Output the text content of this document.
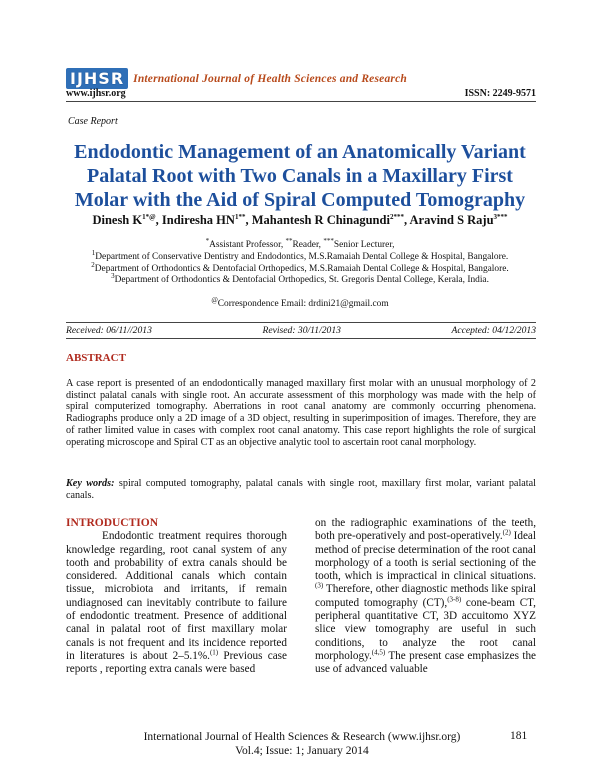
IJHSR International Journal of Health Sciences and Research
www.ijhsr.org	ISSN: 2249-9571
Case Report
Endodontic Management of an Anatomically Variant Palatal Root with Two Canals in a Maxillary First Molar with the Aid of Spiral Computed Tomography
Dinesh $K^{1*@}$, Indiresha $HN^{1**}$, Mahantesh R Chinagundi$^{2***}$, Aravind S Raju$^{3***}$
*Assistant Professor, **Reader, ***Senior Lecturer,
$^1$Department of Conservative Dentistry and Endodontics, M.S.Ramaiah Dental College & Hospital, Bangalore.
$^2$Department of Orthodontics & Dentofacial Orthopedics, M.S.Ramaiah Dental College & Hospital, Bangalore.
$^3$Department of Orthodontics & Dentofacial Orthopedics, St. Gregoris Dental College, Kerala, India.
@Correspondence Email: drdini21@gmail.com
Received: 06/11//2013	Revised: 30/11/2013	Accepted: 04/12/2013
ABSTRACT
A case report is presented of an endodontically managed maxillary first molar with an unusual morphology of 2 distinct palatal canals with single root. An accurate assessment of this morphology was made with the help of spiral computerized tomography. Aberrations in root canal anatomy are commonly occurring phenomena. Radiographs produce only a 2D image of a 3D object, resulting in superimposition of images. Therefore, they are of rather limited value in cases with complex root canal anatomy. This case report highlights the role of surgical operating microscope and Spiral CT as an objective analytic tool to ascertain root canal morphology.
Key words: spiral computed tomography, palatal canals with single root, maxillary first molar, variant palatal canals.
INTRODUCTION

Endodontic treatment requires thorough knowledge regarding, root canal system of any tooth and probability of extra canals should be considered. Additional canals which contain tissue, microbiota and irritants, if remain undiagnosed can inevitably contribute to failure of endodontic treatment. Presence of additional canal in palatal root of first maxillary molar canals is not frequent and its incidence reported in literatures is about 2–5.1%.$^{(1)}$ Previous case reports , reporting extra canals were based

on the radiographic examinations of the teeth, both pre-operatively and post-operatively.$^{(2)}$ Ideal method of precise determination of the root canal morphology of a tooth is serial sectioning of the tooth, which is impractical in clinical situations.$^{(3)}$ Therefore, other diagnostic methods like spiral computed tomography (CT),$^{(3-8)}$ cone-beam CT, peripheral quantitative CT, 3D accuitomo XYZ slice view tomography are useful in such conditions, to analyze the root canal morphology.$^{(4,5)}$ The present case emphasizes the use of advanced valuable

International Journal of Health Sciences & Research (www.ijhsr.org)
Vol.4; Issue: 1; January 2014
181
